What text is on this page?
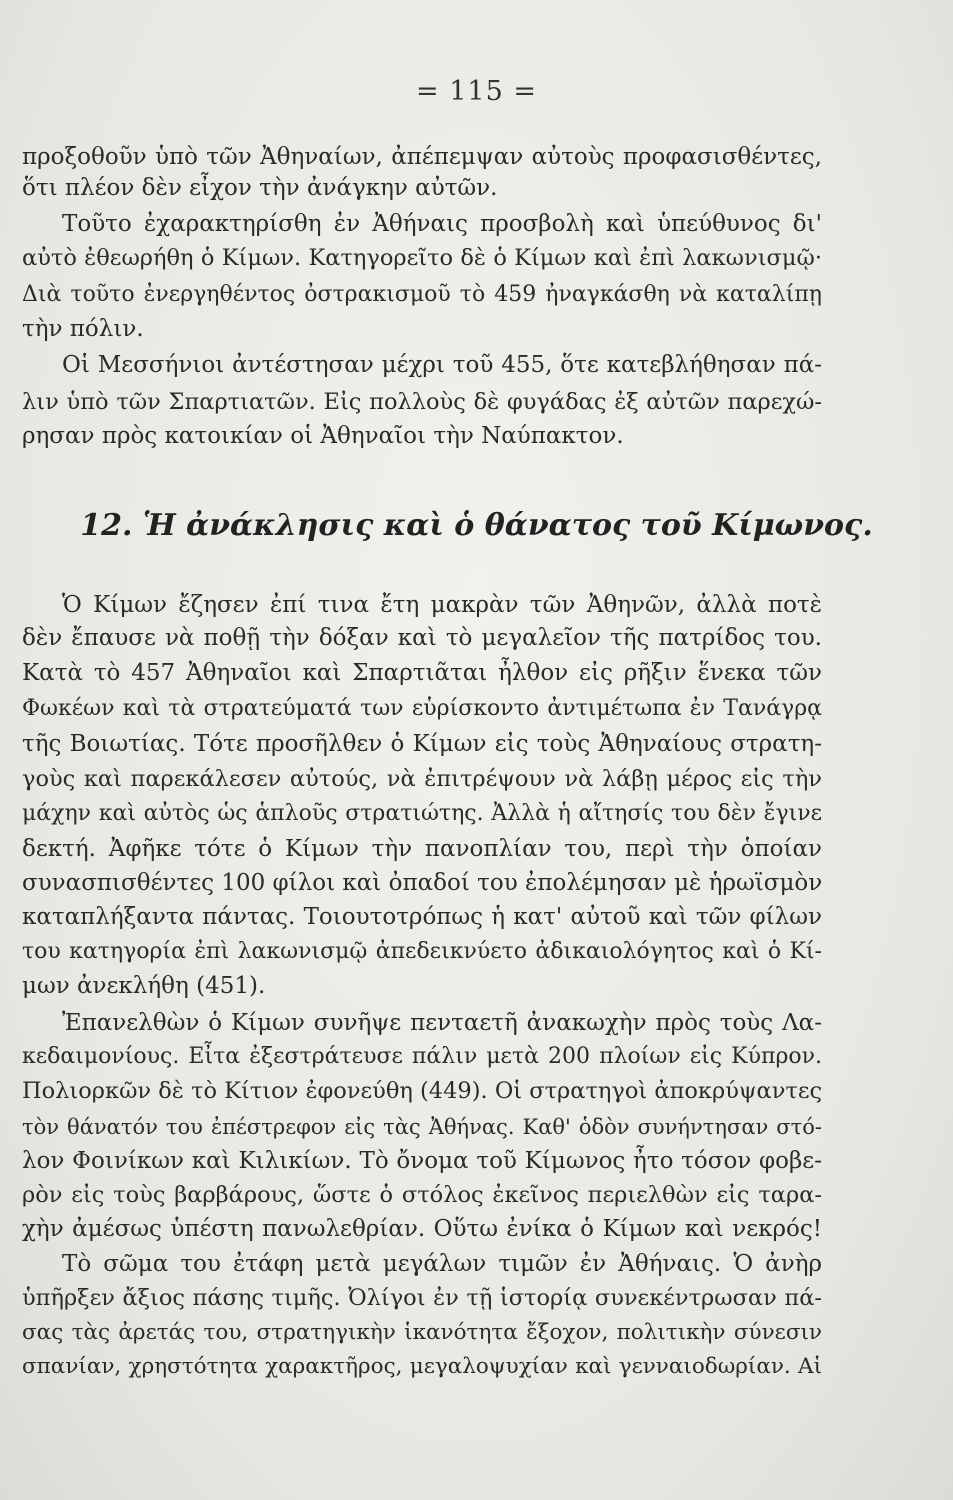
= 115 =
προξοθοῦν ὑπὸ τῶν Ἀθηναίων, ἀπέπεμψαν αὐτοὺς προφασισθέντες,
ὅτι πλέον δὲν εἶχον τὴν ἀνάγκην αὐτῶν.
Τοῦτο ἐχαρακτηρίσθη ἐν Ἀθήναις προσβολὴ καὶ ὑπεύθυνος δι'
αὐτὸ ἐθεωρήθη ὁ Κίμων. Κατηγορεῖτο δὲ ὁ Κίμων καὶ ἐπὶ λακωνισμῷ·
Διὰ τοῦτο ἐνεργηθέντος ὀστρακισμοῦ τὸ 459 ἠναγκάσθη νὰ καταλίπῃ
τὴν πόλιν.
Οἱ Μεσσήνιοι ἀντέστησαν μέχρι τοῦ 455, ὅτε κατεβλήθησαν πά-
λιν ὑπὸ τῶν Σπαρτιατῶν. Εἰς πολλοὺς δὲ φυγάδας ἐξ αὐτῶν παρεχώ-
ρησαν πρὸς κατοικίαν οἱ Ἀθηναῖοι τὴν Ναύπακτον.
12. Ἡ ἀνάκλησις καὶ ὁ θάνατος τοῦ Κίμωνος.
Ὁ Κίμων ἔζησεν ἐπί τινα ἔτη μακρὰν τῶν Ἀθηνῶν, ἀλλὰ ποτὲ
δὲν ἔπαυσε νὰ ποθῇ τὴν δόξαν καὶ τὸ μεγαλεῖον τῆς πατρίδος του.
Κατὰ τὸ 457 Ἀθηναῖοι καὶ Σπαρτιᾶται ἦλθον εἰς ρῆξιν ἕνεκα τῶν
Φωκέων καὶ τὰ στρατεύματά των εὑρίσκοντο ἀντιμέτωπα ἐν Τανάγρᾳ
τῆς Βοιωτίας. Τότε προσῆλθεν ὁ Κίμων εἰς τοὺς Ἀθηναίους στρατη-
γοὺς καὶ παρεκάλεσεν αὐτούς, νὰ ἐπιτρέψουν νὰ λάβῃ μέρος εἰς τὴν
μάχην καὶ αὐτὸς ὡς ἁπλοῦς στρατιώτης. Ἀλλὰ ἡ αἴτησίς του δὲν ἔγινε
δεκτή. Ἀφῆκε τότε ὁ Κίμων τὴν πανοπλίαν του, περὶ τὴν ὁποίαν
συνασπισθέντες 100 φίλοι καὶ ὀπαδοί του ἐπολέμησαν μὲ ἡρωϊσμὸν
καταπλήξαντα πάντας. Τοιουτοτρόπως ἡ κατ' αὐτοῦ καὶ τῶν φίλων
του κατηγορία ἐπὶ λακωνισμῷ ἀπεδεικνύετο ἀδικαιολόγητος καὶ ὁ Κί-
μων ἀνεκλήθη (451).
Ἐπανελθὼν ὁ Κίμων συνῆψε πενταετῆ ἀνακωχὴν πρὸς τοὺς Λα-
κεδαιμονίους. Εἶτα ἐξεστράτευσε πάλιν μετὰ 200 πλοίων εἰς Κύπρον.
Πολιορκῶν δὲ τὸ Κίτιον ἐφονεύθη (449). Οἱ στρατηγοὶ ἀποκρύψαντες
τὸν θάνατόν του ἐπέστρεφον εἰς τὰς Ἀθήνας. Καθ' ὁδὸν συνήντησαν στό-
λον Φοινίκων καὶ Κιλικίων. Τὸ ὄνομα τοῦ Κίμωνος ἦτο τόσον φοβε-
ρὸν εἰς τοὺς βαρβάρους, ὥστε ὁ στόλος ἐκεῖνος περιελθὼν εἰς ταρα-
χὴν ἀμέσως ὑπέστη πανωλεθρίαν. Οὕτω ἐνίκα ὁ Κίμων καὶ νεκρός!
Τὸ σῶμα του ἐτάφη μετὰ μεγάλων τιμῶν ἐν Ἀθήναις. Ὁ ἀνὴρ
ὑπῆρξεν ἄξιος πάσης τιμῆς. Ὀλίγοι ἐν τῇ ἱστορίᾳ συνεκέντρωσαν πά-
σας τὰς ἀρετάς του, στρατηγικὴν ἱκανότητα ἔξοχον, πολιτικὴν σύνεσιν
σπανίαν, χρηστότητα χαρακτῆρος, μεγαλοψυχίαν καὶ γενναιοδωρίαν. Αἱ
